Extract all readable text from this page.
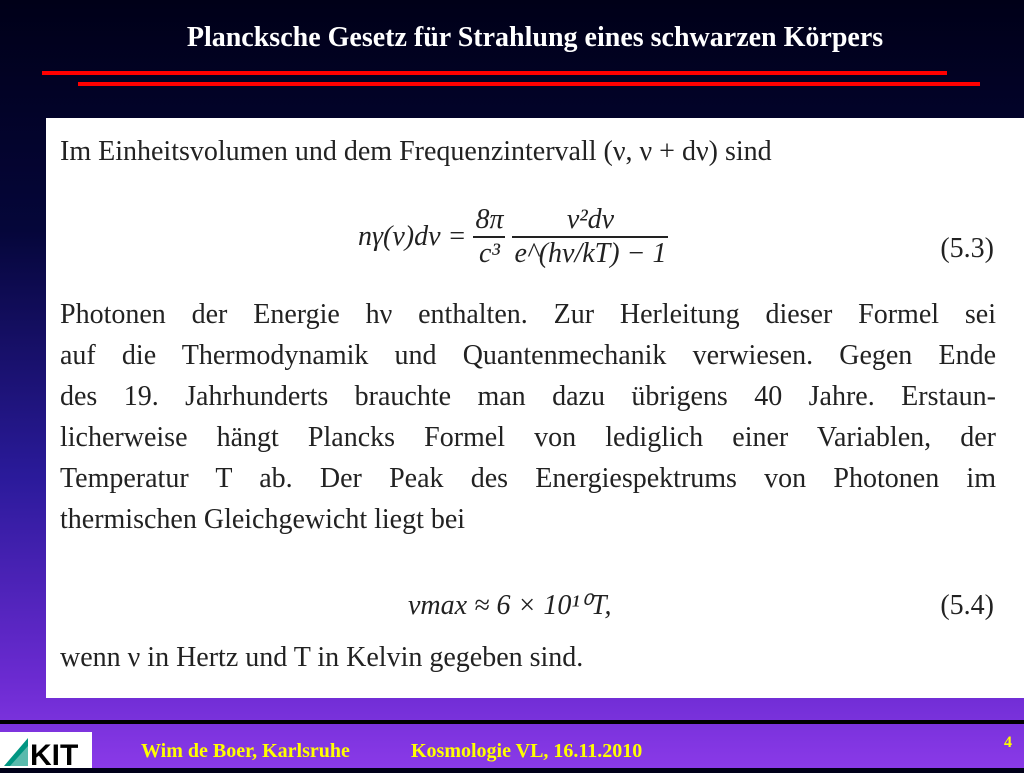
Plancksche Gesetz für Strahlung eines schwarzen Körpers
Im Einheitsvolumen und dem Frequenzintervall (ν, ν + dν) sind
$n\gamma(\nu)d\nu = \frac{8\pi}{\text{c³}}$
$\frac{\text{ν²dν}}{e\^{}(h\nu/kT) - 1}$	(5.3)
Photonen der Energie hν enthalten. Zur Herleitung dieser Formel sei
auf die Thermodynamik und Quantenmechanik verwiesen. Gegen Ende
des 19. Jahrhunderts brauchte man dazu übrigens 40 Jahre. Erstaun-
licherweise hängt Plancks Formel von lediglich einer Variablen, der
Temperatur T ab. Der Peak des Energiespektrums von Photonen im
thermischen Gleichgewicht liegt bei
νmax ≈ 6 × 10¹⁰T,	(5.4)
wenn ν in Hertz und T in Kelvin gegeben sind.
KIT	Wim de Boer, Karlsruhe	Kosmologie VL, 16.11.2010	4
